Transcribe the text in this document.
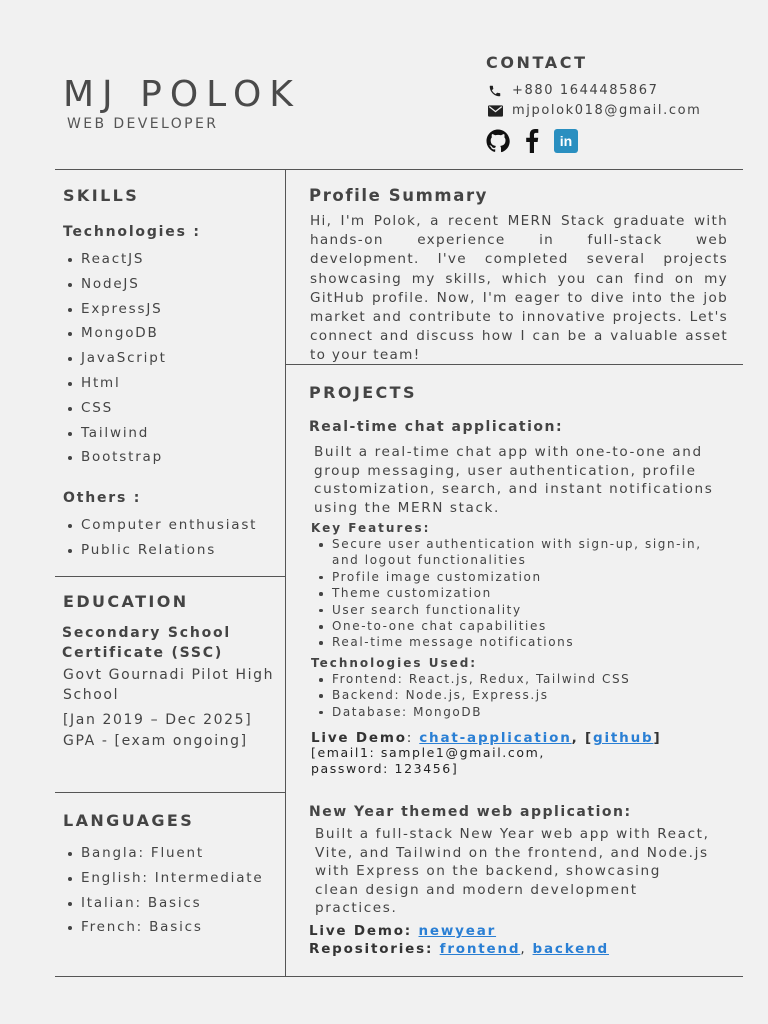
MJ POLOK
WEB DEVELOPER
CONTACT
+880 1644485867
mjpolok018@gmail.com
in
SKILLS
Technologies :
ReactJS
NodeJS
ExpressJS
MongoDB
JavaScript
Html
CSS
Tailwind
Bootstrap
Others :
Computer enthusiast
Public Relations
EDUCATION
Secondary School
Certificate (SSC)
Govt Gournadi Pilot High
School
[Jan 2019 – Dec 2025]
GPA - [exam ongoing]
LANGUAGES
Bangla: Fluent
English: Intermediate
Italian: Basics
French: Basics
Profile Summary
Hi, I'm Polok, a recent MERN Stack graduate with hands-on experience in full-stack web development. I've completed several projects showcasing my skills, which you can find on my GitHub profile. Now, I'm eager to dive into the job market and contribute to innovative projects. Let's connect and discuss how I can be a valuable asset to your team!
PROJECTS
Real-time chat application:
Built a real-time chat app with one-to-one and group messaging, user authentication, profile customization, search, and instant notifications using the MERN stack.
Key Features:
Secure user authentication with sign-up, sign-in, and logout functionalities
Profile image customization
Theme customization
User search functionality
One-to-one chat capabilities
Real-time message notifications
Technologies Used:
Frontend: React.js, Redux, Tailwind CSS
Backend: Node.js, Express.js
Database: MongoDB
Live Demo: chat-application, [github]
[email1: sample1@gmail.com,
password: 123456]
New Year themed web application:
Built a full-stack New Year web app with React, Vite, and Tailwind on the frontend, and Node.js with Express on the backend, showcasing clean design and modern development practices.
Live Demo: newyear
Repositories: frontend, backend
